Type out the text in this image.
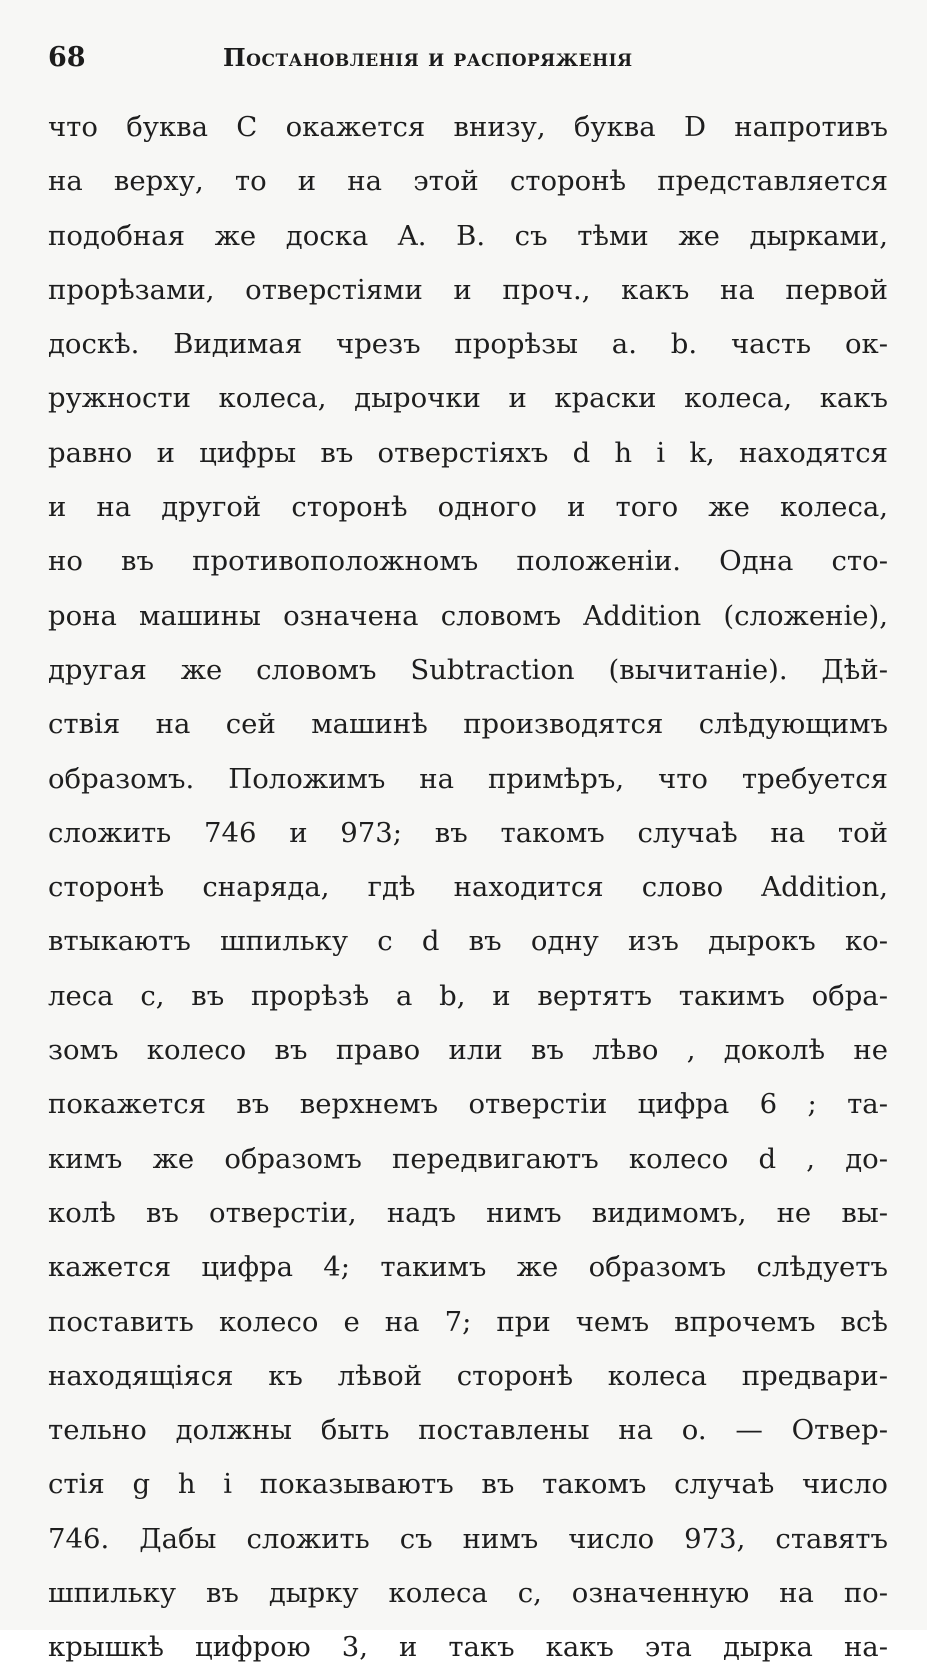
68	Постановленія и распоряженія
что буква C окажется внизу, буква D напротивъ
на верху, то и на этой сторонѣ представляется
подобная же доска A. B. съ тѣми же дырками,
прорѣзами, отверстіями и проч., какъ на первой
доскѣ. Видимая чрезъ прорѣзы a. b. часть ок-
ружности колеса, дырочки и краски колеса, какъ
равно и цифры въ отверстіяхъ d h i k, находятся
и на другой сторонѣ одного и того же колеса,
но въ противоположномъ положеніи. Одна сто-
рона машины означена словомъ Addition (сложеніе),
другая же словомъ Subtraction (вычитаніе). Дѣй-
ствія на сей машинѣ производятся слѣдующимъ
образомъ. Положимъ на примѣръ, что требуется
сложить 746 и 973; въ такомъ случаѣ на той
сторонѣ снаряда, гдѣ находится слово Addition,
втыкаютъ шпильку c d въ одну изъ дырокъ ко-
леса c, въ прорѣзѣ a b, и вертятъ такимъ обра-
зомъ колесо въ право или въ лѣво , доколѣ не
покажется въ верхнемъ отверстіи цифра 6 ; та-
кимъ же образомъ передвигаютъ колесо d , до-
колѣ въ отверстіи, надъ нимъ видимомъ, не вы-
кажется цифра 4; такимъ же образомъ слѣдуетъ
поставить колесо e на 7; при чемъ впрочемъ всѣ
находящіяся къ лѣвой сторонѣ колеса предвари-
тельно должны быть поставлены на o. — Отвер-
стія g h i показываютъ въ такомъ случаѣ число
746. Дабы сложить съ нимъ число 973, ставятъ
шпильку въ дырку колеса c, означенную на по-
крышкѣ цифрою 3, и такъ какъ эта дырка на-
